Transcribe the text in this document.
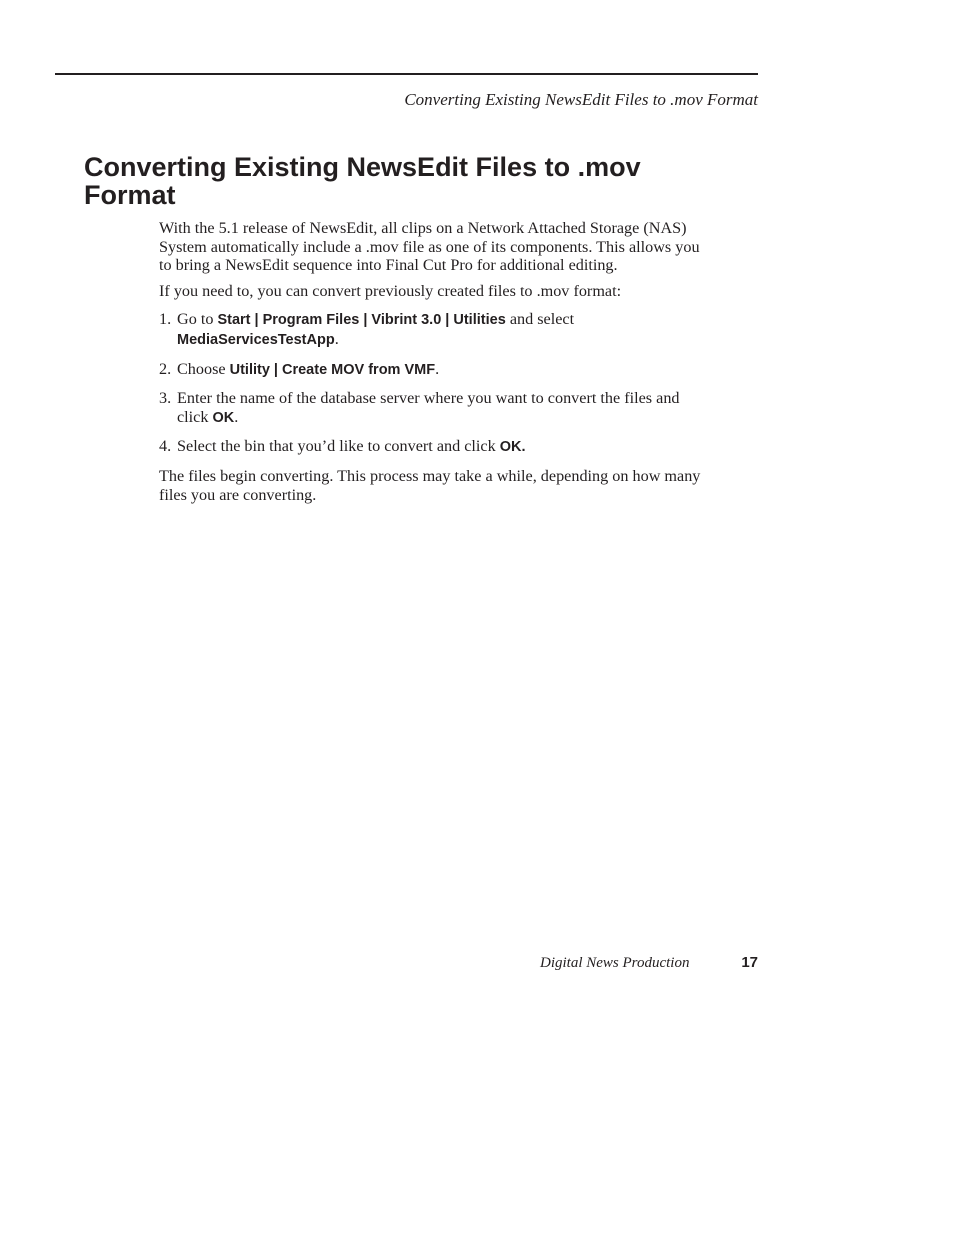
Converting Existing NewsEdit Files to .mov Format
Converting Existing NewsEdit Files to .mov Format

With the 5.1 release of NewsEdit, all clips on a Network Attached Storage (NAS) System automatically include a .mov file as one of its components. This allows you to bring a NewsEdit sequence into Final Cut Pro for additional editing.

If you need to, you can convert previously created files to .mov format:

1. Go to Start | Program Files | Vibrint 3.0 | Utilities and select MediaServicesTestApp.
2. Choose Utility | Create MOV from VMF.
3. Enter the name of the database server where you want to convert the files and click OK.
4. Select the bin that you’d like to convert and click OK.

The files begin converting. This process may take a while, depending on how many files you are converting.

Digital News Production	17
